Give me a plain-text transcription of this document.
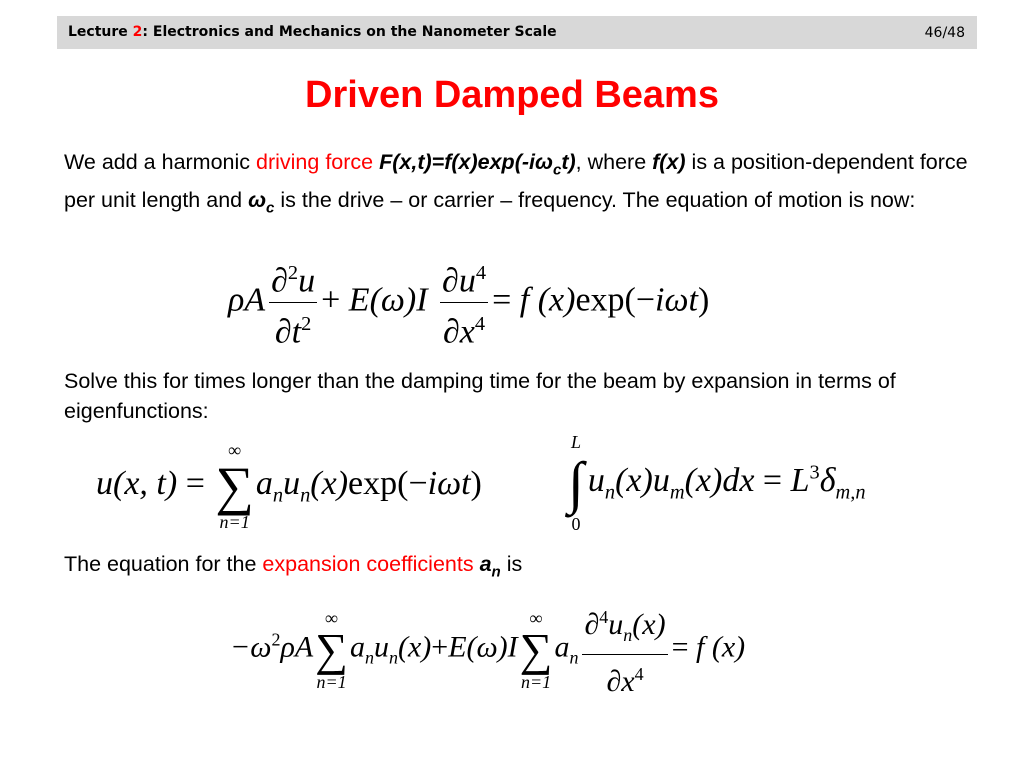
Lecture 2: Electronics and Mechanics on the Nanometer Scale	46/48
Driven Damped Beams
We add a harmonic driving force $F(x,t)=f(x)\exp(-i\omega_ct)$, where f(x) is a position-dependent force per unit length and $\omega_c$ is the drive – or carrier – frequency. The equation of motion is now:
ρA $\frac{\partial^2u}{\partial t^2} + E(\omega)I \frac{\partial u^4}{\partial x^4} = f$ (x)exp(−iωt)
Solve this for times longer than the damping time for the beam by expansion in terms of eigenfunctions:
u(x, t) =
∞
∑
n=1
$a_nu_n(x)\exp(-i\omega t)$
L
∫
0
$u_n(x)u_m(x)dx = L^3\delta_{m,n}$
The equation for the expansion coefficients $a_n$ is
$-\omega^2\rho A$
∞
∑
n=1
$a_nu_n(x)+E(\omega)I$
∞
∑
n=1
$a_n \frac{\partial^4u_n(x)}{\partial x^4} = f$ (x)
